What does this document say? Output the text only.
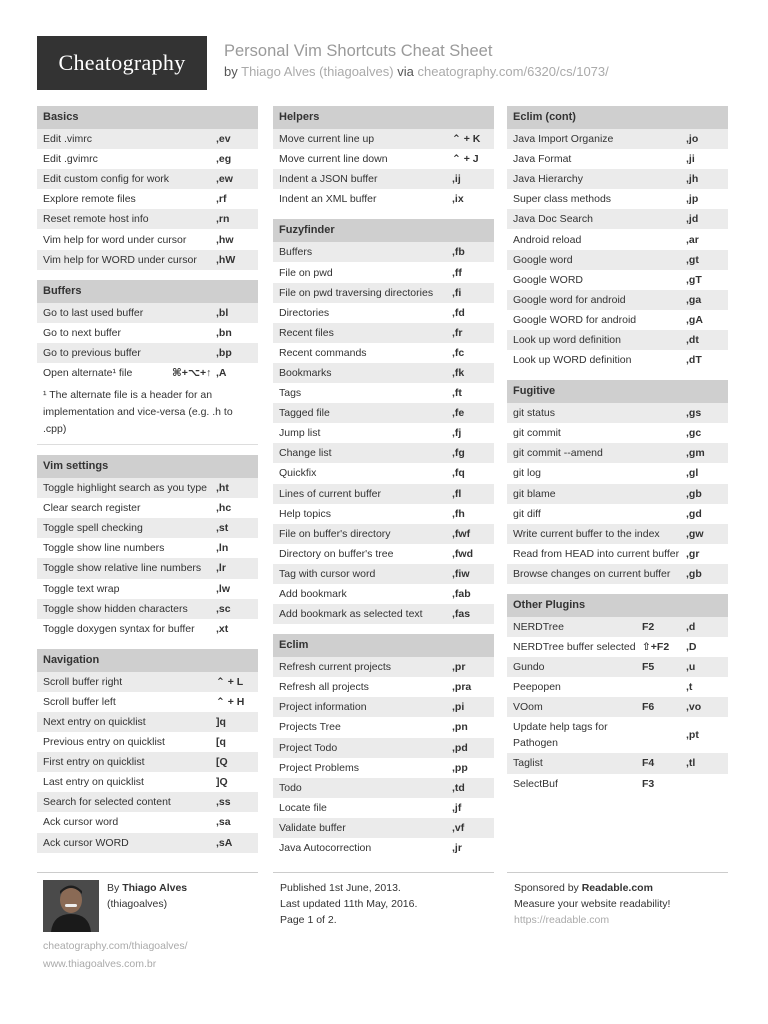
Cheatography	Personal Vim Shortcuts Cheat Sheet
by Thiago Alves (thiagoalves) via cheatography.com/6320/cs/1073/
Basics
Edit .vimrc		,ev
Edit .gvimrc		,eg
Edit custom config for work		,ew
Explore remote files		,rf
Reset remote host info		,rn
Vim help for word under cursor		,hw
Vim help for WORD under cursor		,hW
Buffers
Go to last used buffer		,bl
Go to next buffer		,bn
Go to previous buffer		,bp
Open alternate¹ file	⌘+⌥+↑	,A
¹ The alternate file is a header for an implementation and vice-versa (e.g. .h to .cpp)
Vim settings
Toggle highlight search as you type		,ht
Clear search register		,hc
Toggle spell checking		,st
Toggle show line numbers		,ln
Toggle show relative line numbers		,lr
Toggle text wrap		,lw
Toggle show hidden characters		,sc
Toggle doxygen syntax for buffer		,xt
Navigation
Scroll buffer right		⌃ + L
Scroll buffer left		⌃ + H
Next entry on quicklist		]q
Previous entry on quicklist		[q
First entry on quicklist		[Q
Last entry on quicklist		]Q
Search for selected content		,ss
Ack cursor word		,sa
Ack cursor WORD		,sA
Helpers
Move current line up		⌃ + K
Move current line down		⌃ + J
Indent a JSON buffer		,ij
Indent an XML buffer		,ix
Fuzyfinder
Buffers		,fb
File on pwd		,ff
File on pwd traversing directories		,fi
Directories		,fd
Recent files		,fr
Recent commands		,fc
Bookmarks		,fk
Tags		,ft
Tagged file		,fe
Jump list		,fj
Change list		,fg
Quickfix		,fq
Lines of current buffer		,fl
Help topics		,fh
File on buffer's directory		,fwf
Directory on buffer's tree		,fwd
Tag with cursor word		,fiw
Add bookmark		,fab
Add bookmark as selected text		,fas
Eclim
Refresh current projects		,pr
Refresh all projects		,pra
Project information		,pi
Projects Tree		,pn
Project Todo		,pd
Project Problems		,pp
Todo		,td
Locate file		,jf
Validate buffer		,vf
Java Autocorrection		,jr
Eclim (cont)
Java Import Organize		,jo
Java Format		,ji
Java Hierarchy		,jh
Super class methods		,jp
Java Doc Search		,jd
Android reload		,ar
Google word		,gt
Google WORD		,gT
Google word for android		,ga
Google WORD for android		,gA
Look up word definition		,dt
Look up WORD definition		,dT
Fugitive
git status		,gs
git commit		,gc
git commit --amend		,gm
git log		,gl
git blame		,gb
git diff		,gd
Write current buffer to the index		,gw
Read from HEAD into current buffer		,gr
Browse changes on current buffer		,gb
Other Plugins
NERDTree	F2	,d
NERDTree buffer selected	⇧+F2	,D
Gundo	F5	,u
Peepopen		,t
VOom	F6	,vo
Update help tags for Pathogen		,pt
Taglist	F4	,tl
SelectBuf	F3	
By Thiago Alves
(thiagoalves)
cheatography.com/thiagoalves/
www.thiagoalves.com.br
Published 1st June, 2013.
Last updated 11th May, 2016.
Page 1 of 2.
Sponsored by Readable.com
Measure your website readability!
https://readable.com
